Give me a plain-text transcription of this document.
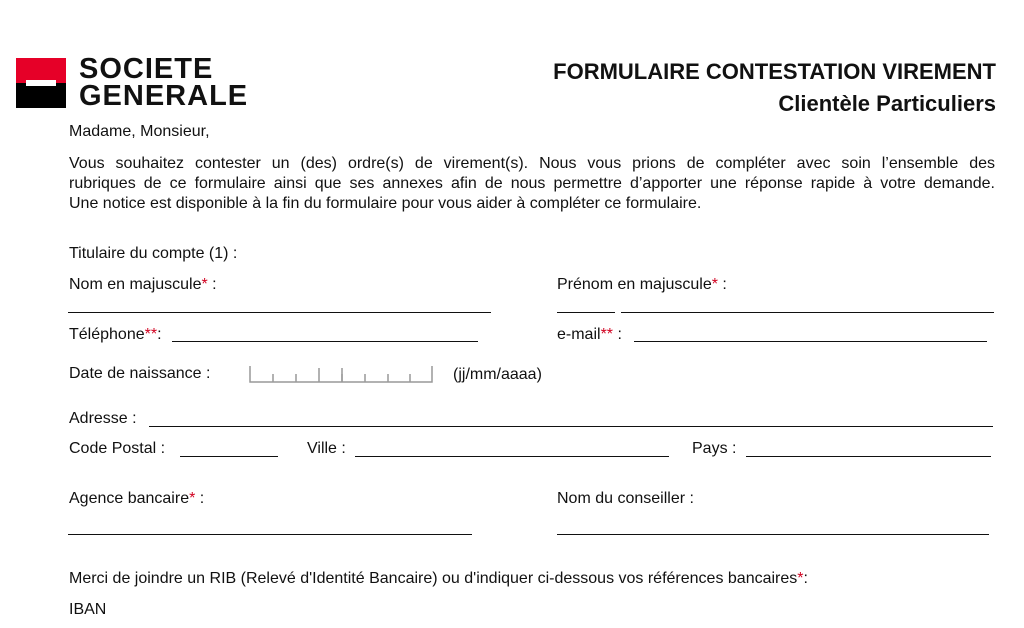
SOCIETE
GENERALE
FORMULAIRE CONTESTATION VIREMENT
Clientèle Particuliers
Madame, Monsieur,
Vous souhaitez contester un (des) ordre(s) de virement(s). Nous vous prions de compléter avec soin l’ensemble des
rubriques de ce formulaire ainsi que ses annexes afin de nous permettre d’apporter une réponse rapide à votre demande.
Une notice est disponible à la fin du formulaire pour vous aider à compléter ce formulaire.
Titulaire du compte (1) :
Nom en majuscule* :	Prénom en majuscule* :
Téléphone**:	e-mail** :
Date de naissance :	(jj/mm/aaaa)
Adresse :
Code Postal :	Ville :	Pays :
Agence bancaire* :	Nom du conseiller :
Merci de joindre un RIB (Relevé d'Identité Bancaire) ou d'indiquer ci-dessous vos références bancaires*:
IBAN
